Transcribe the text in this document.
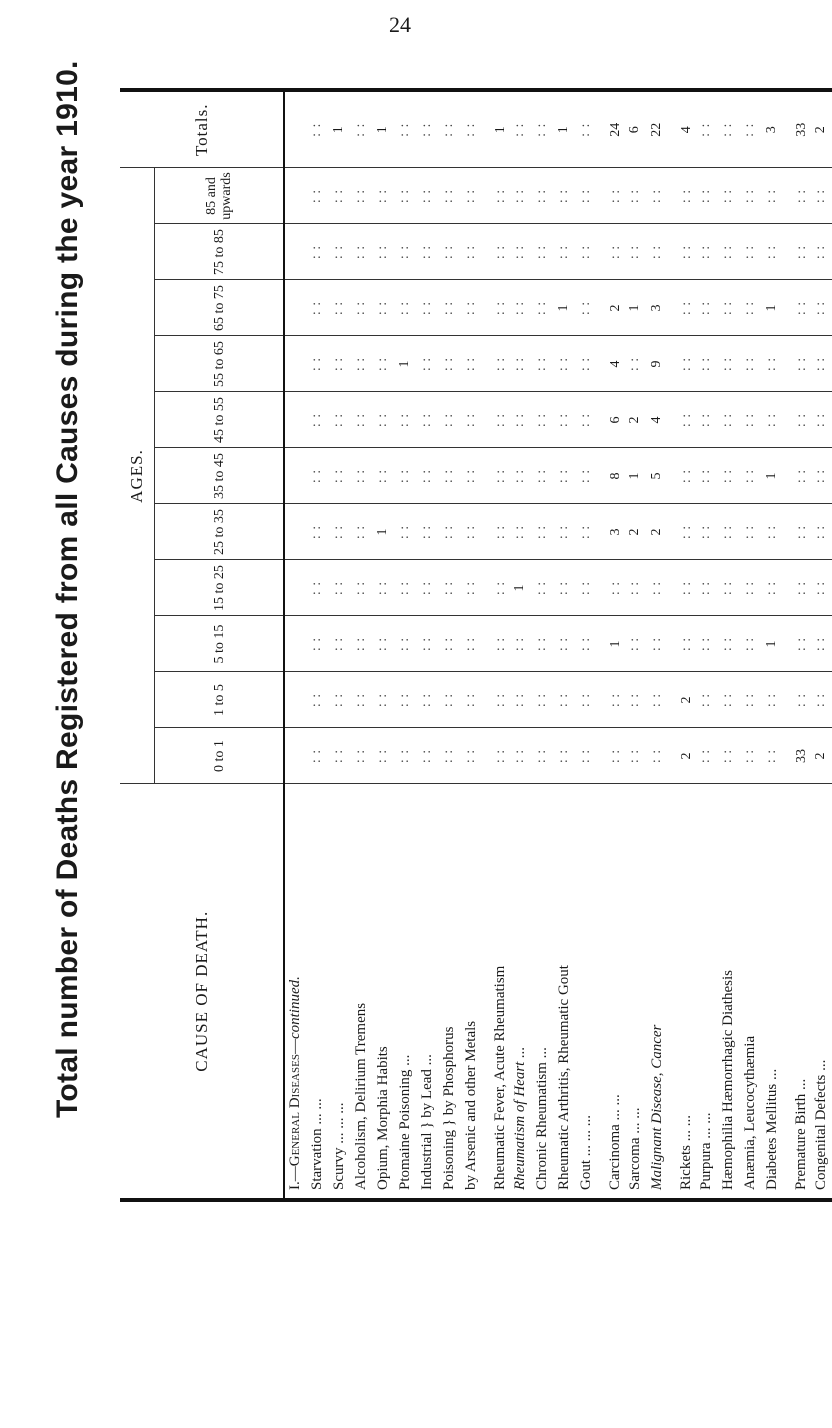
24
Total number of Deaths Registered from all Causes during the year 1910.	CAUSE OF DEATH.	AGES.											Totals.
	0 to 1	1 to 5	5 to 15	15 to 25	25 to 35	35 to 45	45 to 55	55 to 65	65 to 75	75 to 85	85 and upwards	
I.—General Diseases—continued.												
Starvation ... ...	: :	: :	: :	: :	: :	: :	: :	: :	: :	: :	: :	: :
Scurvy ... ... ...	: :	: :	: :	: :	: :	: :	: :	: :	: :	: :	: :	1
Alcoholism, Delirium Tremens	: :	: :	: :	: :	: :	: :	: :	: :	: :	: :	: :	: :
Opium, Morphia Habits	: :	: :	: :	: :	1	: :	: :	: :	: :	: :	: :	1
Ptomaine Poisoning ...	: :	: :	: :	: :	: :	: :	: :	1	: :	: :	: :	: :
Industrial } by Lead ...	: :	: :	: :	: :	: :	: :	: :	: :	: :	: :	: :	: :
Poisoning } by Phosphorus	: :	: :	: :	: :	: :	: :	: :	: :	: :	: :	: :	: :
by Arsenic and other Metals	: :	: :	: :	: :	: :	: :	: :	: :	: :	: :	: :	: :
Rheumatic Fever, Acute Rheumatism	: :	: :	: :	: :	: :	: :	: :	: :	: :	: :	: :	1
Rheumatism of Heart ...	: :	: :	: :	1	: :	: :	: :	: :	: :	: :	: :	: :
Chronic Rheumatism ...	: :	: :	: :	: :	: :	: :	: :	: :	: :	: :	: :	: :
Rheumatic Arthritis, Rheumatic Gout	: :	: :	: :	: :	: :	: :	: :	: :	1	: :	: :	1
Gout ... ... ...	: :	: :	: :	: :	: :	: :	: :	: :	: :	: :	: :	: :
Carcinoma ... ...	: :	: :	1	: :	3	8	6	4	2	: :	: :	24
Sarcoma ... ...	: :	: :	: :	: :	2	1	2	: :	1	: :	: :	6
Malignant Disease, Cancer	: :	: :	: :	: :	2	5	4	9	3	: :	: :	22
Rickets ... ...	2	2	: :	: :	: :	: :	: :	: :	: :	: :	: :	4
Purpura ... ...	: :	: :	: :	: :	: :	: :	: :	: :	: :	: :	: :	: :
Hæmophilia Hæmorrhagic Diathesis	: :	: :	: :	: :	: :	: :	: :	: :	: :	: :	: :	: :
Anæmia, Leucocythæmia	: :	: :	: :	: :	: :	: :	: :	: :	: :	: :	: :	: :
Diabetes Mellitus ...	: :	: :	1	: :	: :	1	: :	: :	1	: :	: :	3
Premature Birth ...	33	: :	: :	: :	: :	: :	: :	: :	: :	: :	: :	33
Congenital Defects ...	2	: :	: :	: :	: :	: :	: :	: :	: :	: :	: :	2
